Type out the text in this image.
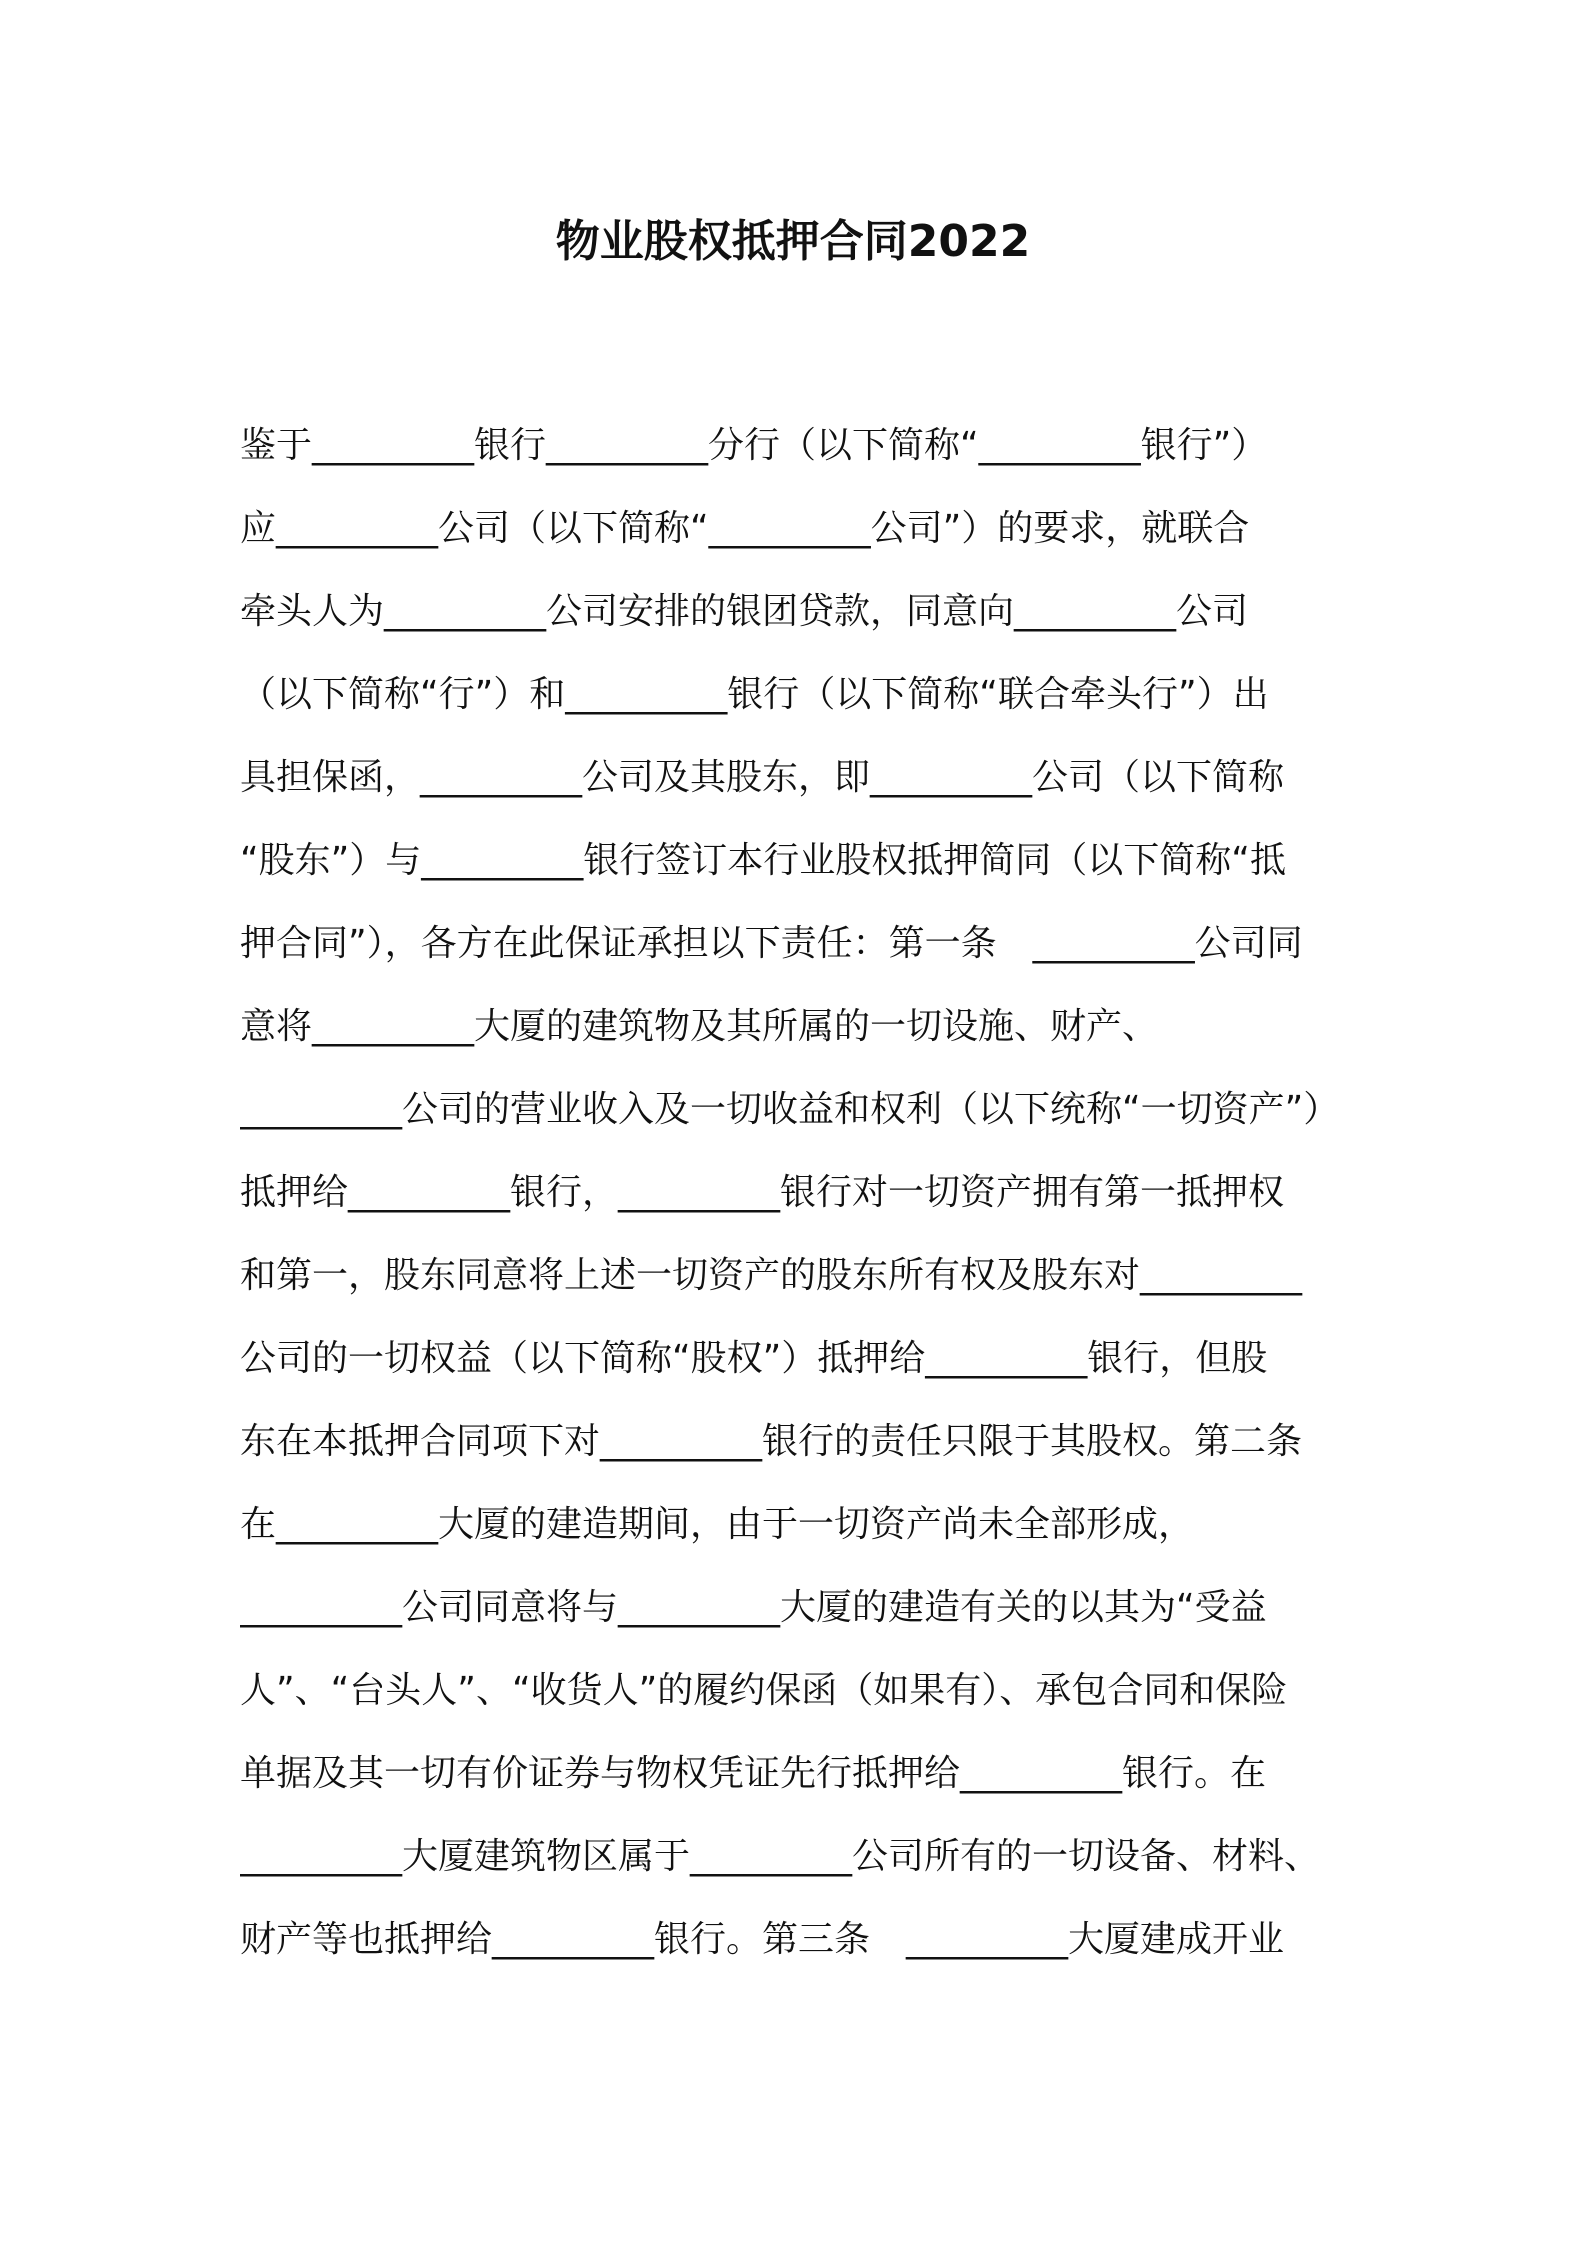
物业股权抵押合同2022
鉴于_________银行_________分行（以下简称“_________银行”）
应_________公司（以下简称“_________公司”）的要求，就联合
牵头人为_________公司安排的银团贷款，同意向_________公司
（以下简称“行”）和_________银行（以下简称“联合牵头行”）出
具担保函，_________公司及其股东，即_________公司（以下简称
“股东”）与_________银行签订本行业股权抵押简同（以下简称“抵
押合同”），各方在此保证承担以下责任：第一条　_________公司同
意将_________大厦的建筑物及其所属的一切设施、财产、
_________公司的营业收入及一切收益和权利（以下统称“一切资产”）
抵押给_________银行，_________银行对一切资产拥有第一抵押权
和第一，股东同意将上述一切资产的股东所有权及股东对_________
公司的一切权益（以下简称“股权”）抵押给_________银行，但股
东在本抵押合同项下对_________银行的责任只限于其股权。第二条
在_________大厦的建造期间，由于一切资产尚未全部形成，
_________公司同意将与_________大厦的建造有关的以其为“受益
人”、“台头人”、“收货人”的履约保函（如果有）、承包合同和保险
单据及其一切有价证券与物权凭证先行抵押给_________银行。在
_________大厦建筑物区属于_________公司所有的一切设备、材料、
财产等也抵押给_________银行。第三条　_________大厦建成开业
